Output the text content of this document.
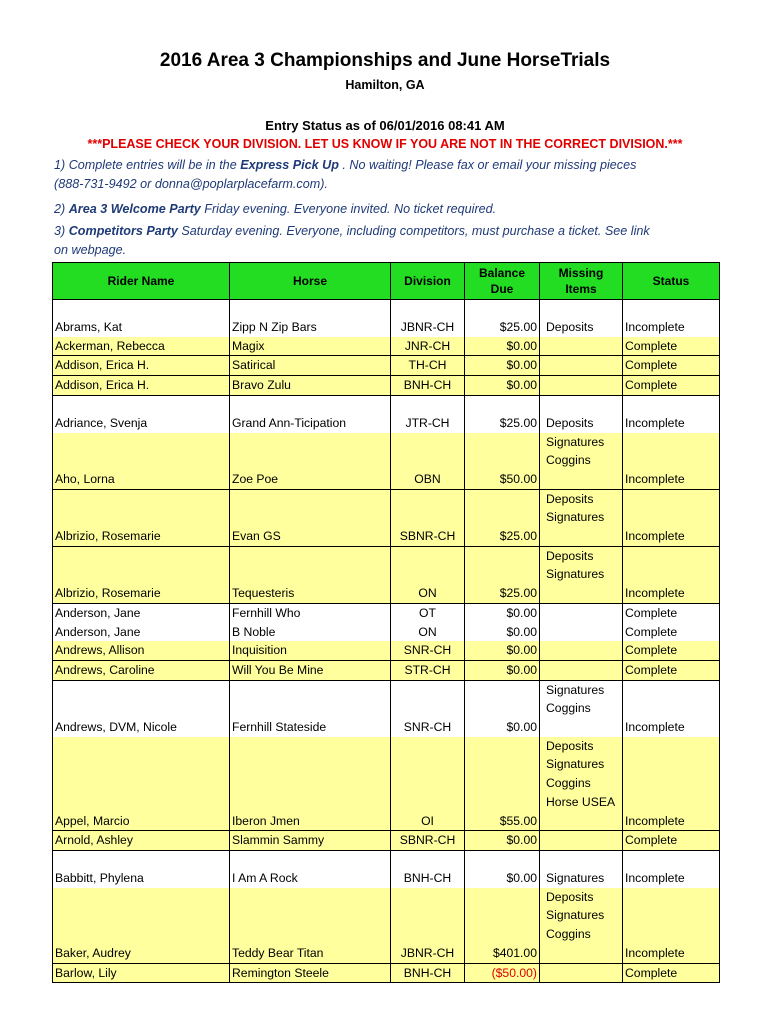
2016 Area 3 Championships and June HorseTrials
Hamilton, GA
Entry Status as of 06/01/2016 08:41 AM
***PLEASE CHECK YOUR DIVISION. LET US KNOW IF YOU ARE NOT IN THE CORRECT DIVISION.***
1) Complete entries will be in the Express Pick Up . No waiting! Please fax or email your missing pieces
(888-731-9492 or donna@poplarplacefarm.com).
2) Area 3 Welcome Party Friday evening. Everyone invited. No ticket required.
3) Competitors Party Saturday evening. Everyone, including competitors, must purchase a ticket. See link
on webpage.
Rider Name	Horse	Division	Balance Due	Missing Items	Status

Abrams, Kat	Zipp N Zip Bars	JBNR-CH	$25.00	Deposits	Incomplete
Ackerman, Rebecca	Magix	JNR-CH	$0.00		Complete
Addison, Erica H.	Satirical	TH-CH	$0.00		Complete
Addison, Erica H.	Bravo Zulu	BNH-CH	$0.00		Complete

Adriance, Svenja	Grand Ann-Ticipation	JTR-CH	$25.00	Deposits	Incomplete
Aho, Lorna	Zoe Poe	OBN	$50.00	Signatures
Coggins	Incomplete
Albrizio, Rosemarie	Evan GS	SBNR-CH	$25.00	Deposits
Signatures	Incomplete
Albrizio, Rosemarie	Tequesteris	ON	$25.00	Deposits
Signatures	Incomplete
Anderson, Jane	Fernhill Who	OT	$0.00		Complete
Anderson, Jane	B Noble	ON	$0.00		Complete
Andrews, Allison	Inquisition	SNR-CH	$0.00		Complete
Andrews, Caroline	Will You Be Mine	STR-CH	$0.00		Complete
Andrews, DVM, Nicole	Fernhill Stateside	SNR-CH	$0.00	Signatures
Coggins	Incomplete
Appel, Marcio	Iberon Jmen	OI	$55.00	Deposits
Signatures
Coggins
Horse USEA	Incomplete
Arnold, Ashley	Slammin Sammy	SBNR-CH	$0.00		Complete

Babbitt, Phylena	I Am A Rock	BNH-CH	$0.00	Signatures	Incomplete
Baker, Audrey	Teddy Bear Titan	JBNR-CH	$401.00	Deposits
Signatures
Coggins	Incomplete
Barlow, Lily	Remington Steele	BNH-CH	($50.00)		Complete
